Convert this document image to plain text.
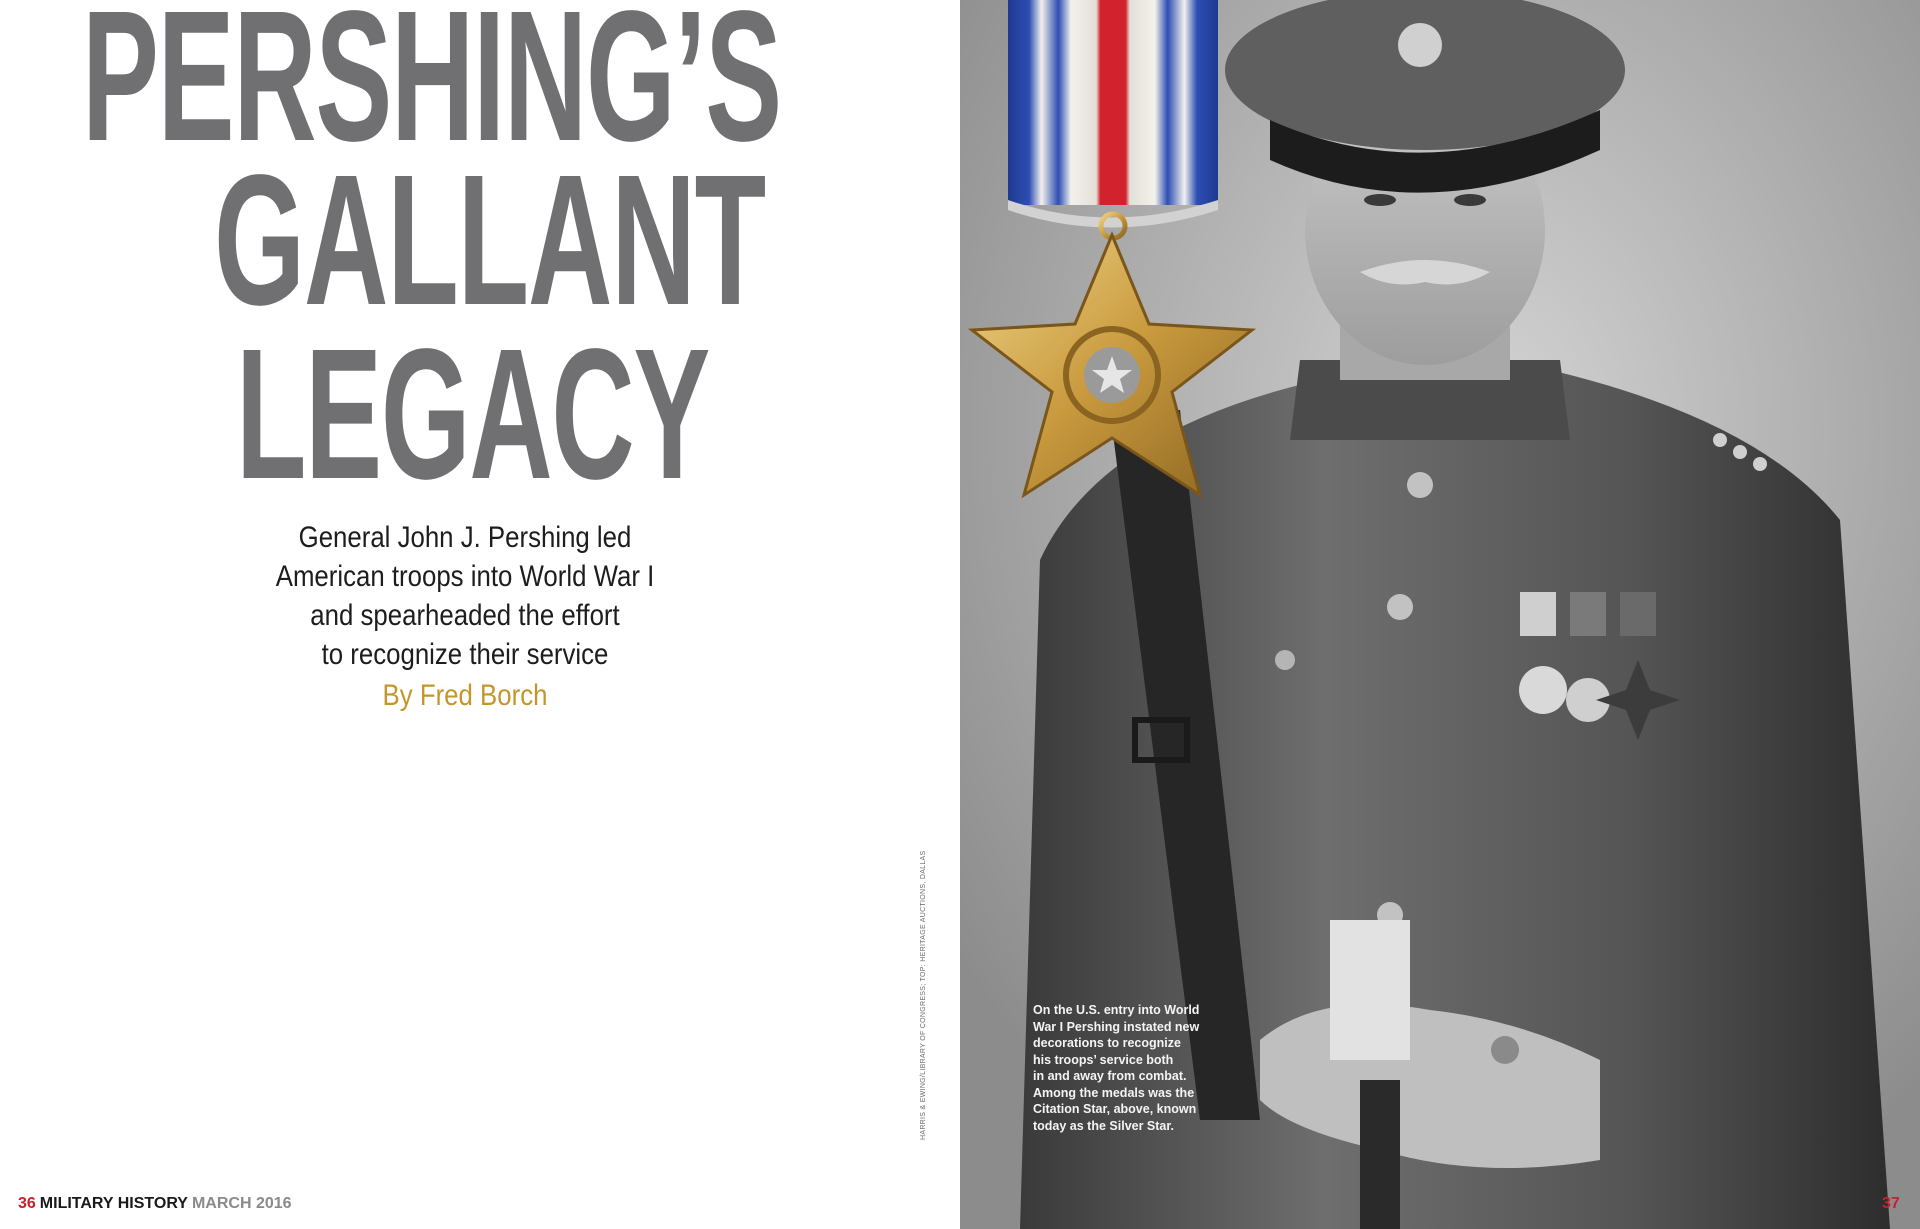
PERSHING’S
GALLANT
LEGACY

General John J. Pershing led
American troops into World War I
and spearheaded the effort
to recognize their service

By Fred Borch
HARRIS & EWING/LIBRARY OF CONGRESS; TOP: HERITAGE AUCTIONS, DALLAS
36 MILITARY HISTORY MARCH 2016

On the U.S. entry into World
War I Pershing instated new
decorations to recognize
his troops’ service both
in and away from combat.
Among the medals was the
Citation Star, above, known
today as the Silver Star.

37
